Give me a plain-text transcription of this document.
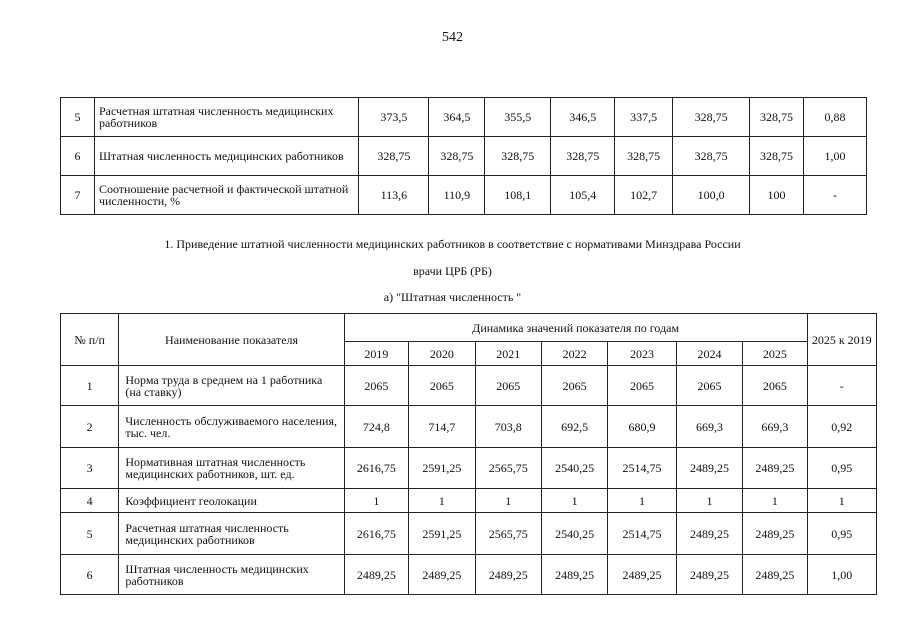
542
5	Расчетная штатная численность медицинских работников	373,5	364,5	355,5	346,5	337,5	328,75	328,75	0,88
6	Штатная численность медицинских работников	328,75	328,75	328,75	328,75	328,75	328,75	328,75	1,00
7	Соотношение расчетной и фактической штатной численности, %	113,6	110,9	108,1	105,4	102,7	100,0	100	-
1. Приведение штатной численности медицинских работников в соответствие с нормативами Минздрава России
врачи ЦРБ (РБ)
а) "Штатная численность "
№ п/п	Наименование показателя	Динамика значений показателя по годам							2025 к 2019
		2019	2020	2021	2022	2023	2024	2025	
1	Норма труда в среднем на 1 работника (на ставку)	2065	2065	2065	2065	2065	2065	2065	-
2	Численность обслуживаемого населения, тыс. чел.	724,8	714,7	703,8	692,5	680,9	669,3	669,3	0,92
3	Нормативная штатная численность медицинских работников, шт. ед.	2616,75	2591,25	2565,75	2540,25	2514,75	2489,25	2489,25	0,95
4	Коэффициент геолокации	1	1	1	1	1	1	1	1
5	Расчетная штатная численность медицинских работников	2616,75	2591,25	2565,75	2540,25	2514,75	2489,25	2489,25	0,95
6	Штатная численность медицинских работников	2489,25	2489,25	2489,25	2489,25	2489,25	2489,25	2489,25	1,00
